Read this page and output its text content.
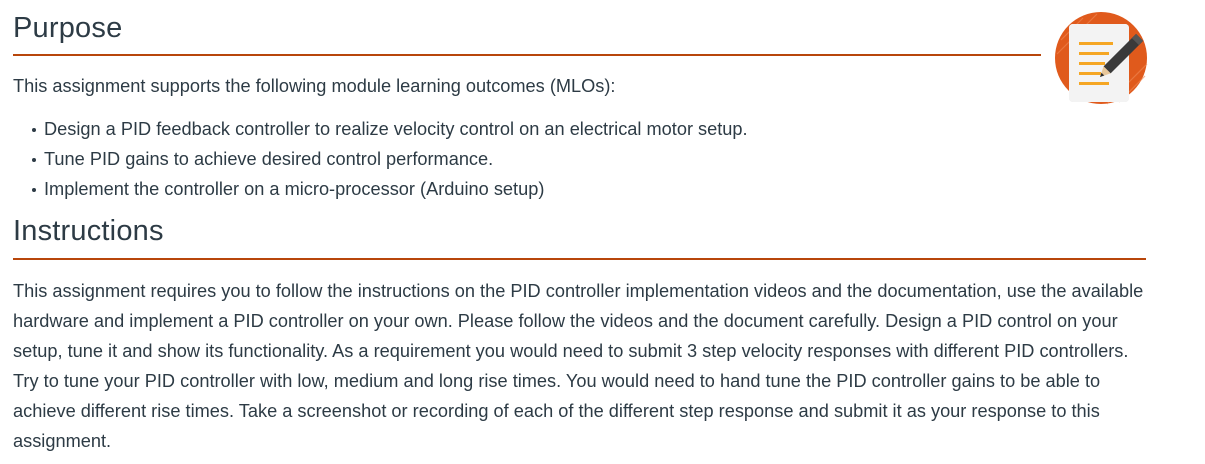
Purpose

This assignment supports the following module learning outcomes (MLOs):

Design a PID feedback controller to realize velocity control on an electrical motor setup.
Tune PID gains to achieve desired control performance.
Implement the controller on a micro-processor (Arduino setup)
Instructions

This assignment requires you to follow the instructions on the PID controller implementation videos and the documentation, use the available hardware and implement a PID controller on your own. Please follow the videos and the document carefully. Design a PID control on your setup, tune it and show its functionality. As a requirement you would need to submit 3 step velocity responses with different PID controllers. Try to tune your PID controller with low, medium and long rise times. You would need to hand tune the PID controller gains to be able to achieve different rise times. Take a screenshot or recording of each of the different step response and submit it as your response to this assignment.
